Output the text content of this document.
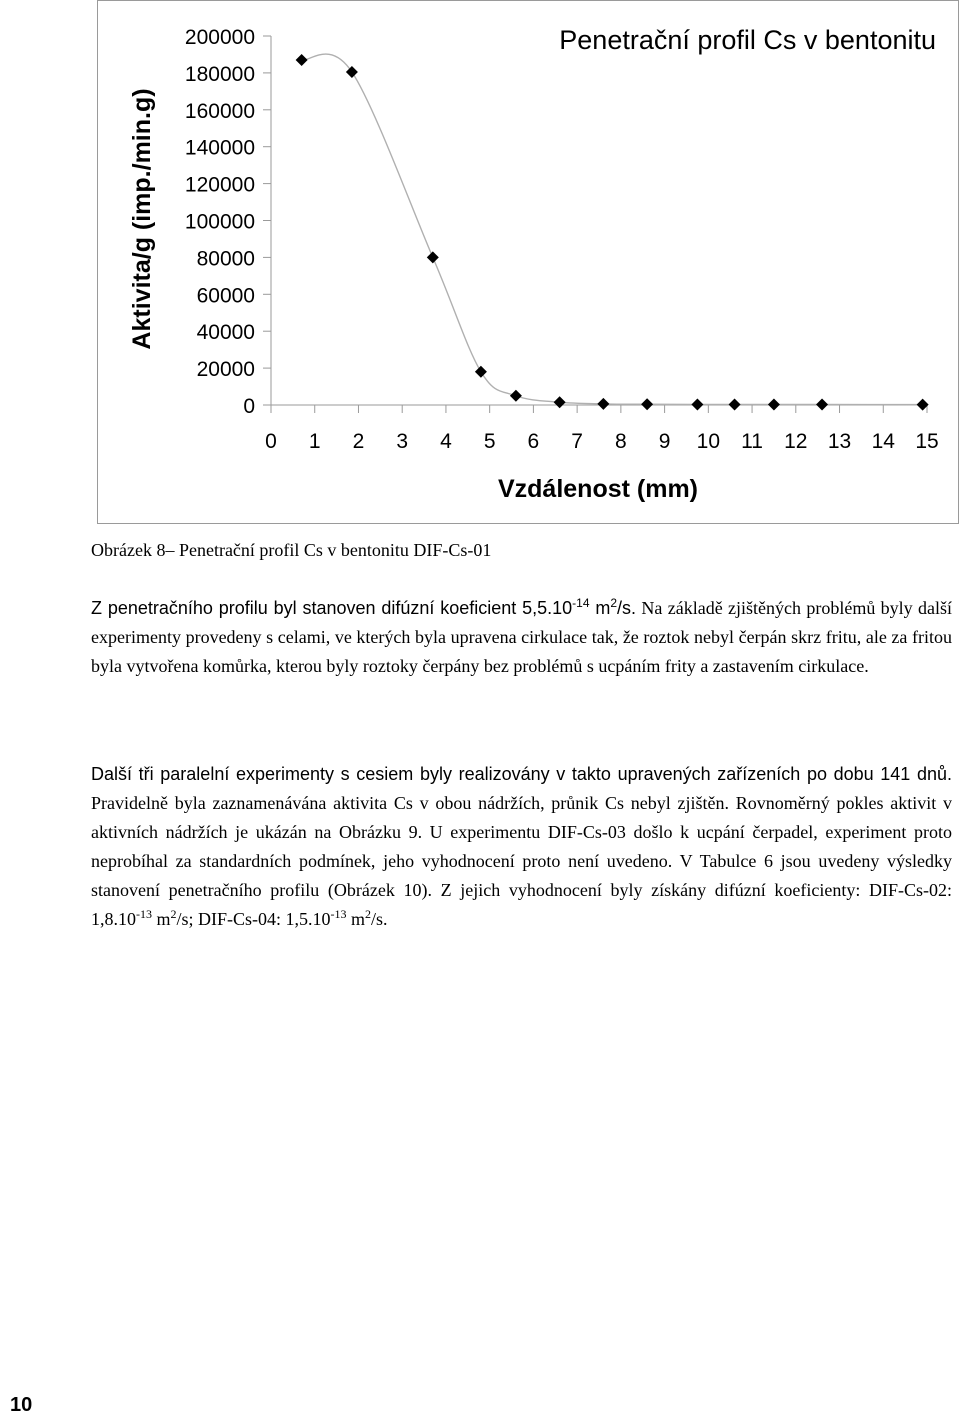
Penetrační profil Cs v bentonitu
Aktivita/g (imp./min.g)
Vzdálenost (mm)
0
20000
40000
60000
80000
100000
120000
140000
160000
180000
200000
0 1 2 3 4 5 6 7 8 9 10 11 12 13 14 15
Obrázek 8– Penetrační profil Cs v bentonitu DIF-Cs-01

Z penetračního profilu byl stanoven difúzní koeficient $5,5.10^{-14}$ $m^2/s$. Na základě zjištěných problémů byly další experimenty provedeny s celami, ve kterých byla upravena cirkulace tak, že roztok nebyl čerpán skrz fritu, ale za fritou byla vytvořena komůrka, kterou byly roztoky čerpány bez problémů s ucpáním frity a zastavením cirkulace.

Další tři paralelní experimenty s cesiem byly realizovány v takto upravených zařízeních po dobu 141 dnů. Pravidelně byla zaznamenávána aktivita Cs v obou nádržích, průnik Cs nebyl zjištěn. Rovnoměrný pokles aktivit v aktivních nádržích je ukázán na Obrázku 9. U experimentu DIF-Cs-03 došlo k ucpání čerpadel, experiment proto neprobíhal za standardních podmínek, jeho vyhodnocení proto není uvedeno. V Tabulce 6 jsou uvedeny výsledky stanovení penetračního profilu (Obrázek 10). Z jejich vyhodnocení byly získány difúzní koeficienty: DIF-Cs-02: $1,8.10^{-13}$ $m^2/s$; DIF-Cs-04: $1,5.10^{-13}$ $m^2/s$.

10
